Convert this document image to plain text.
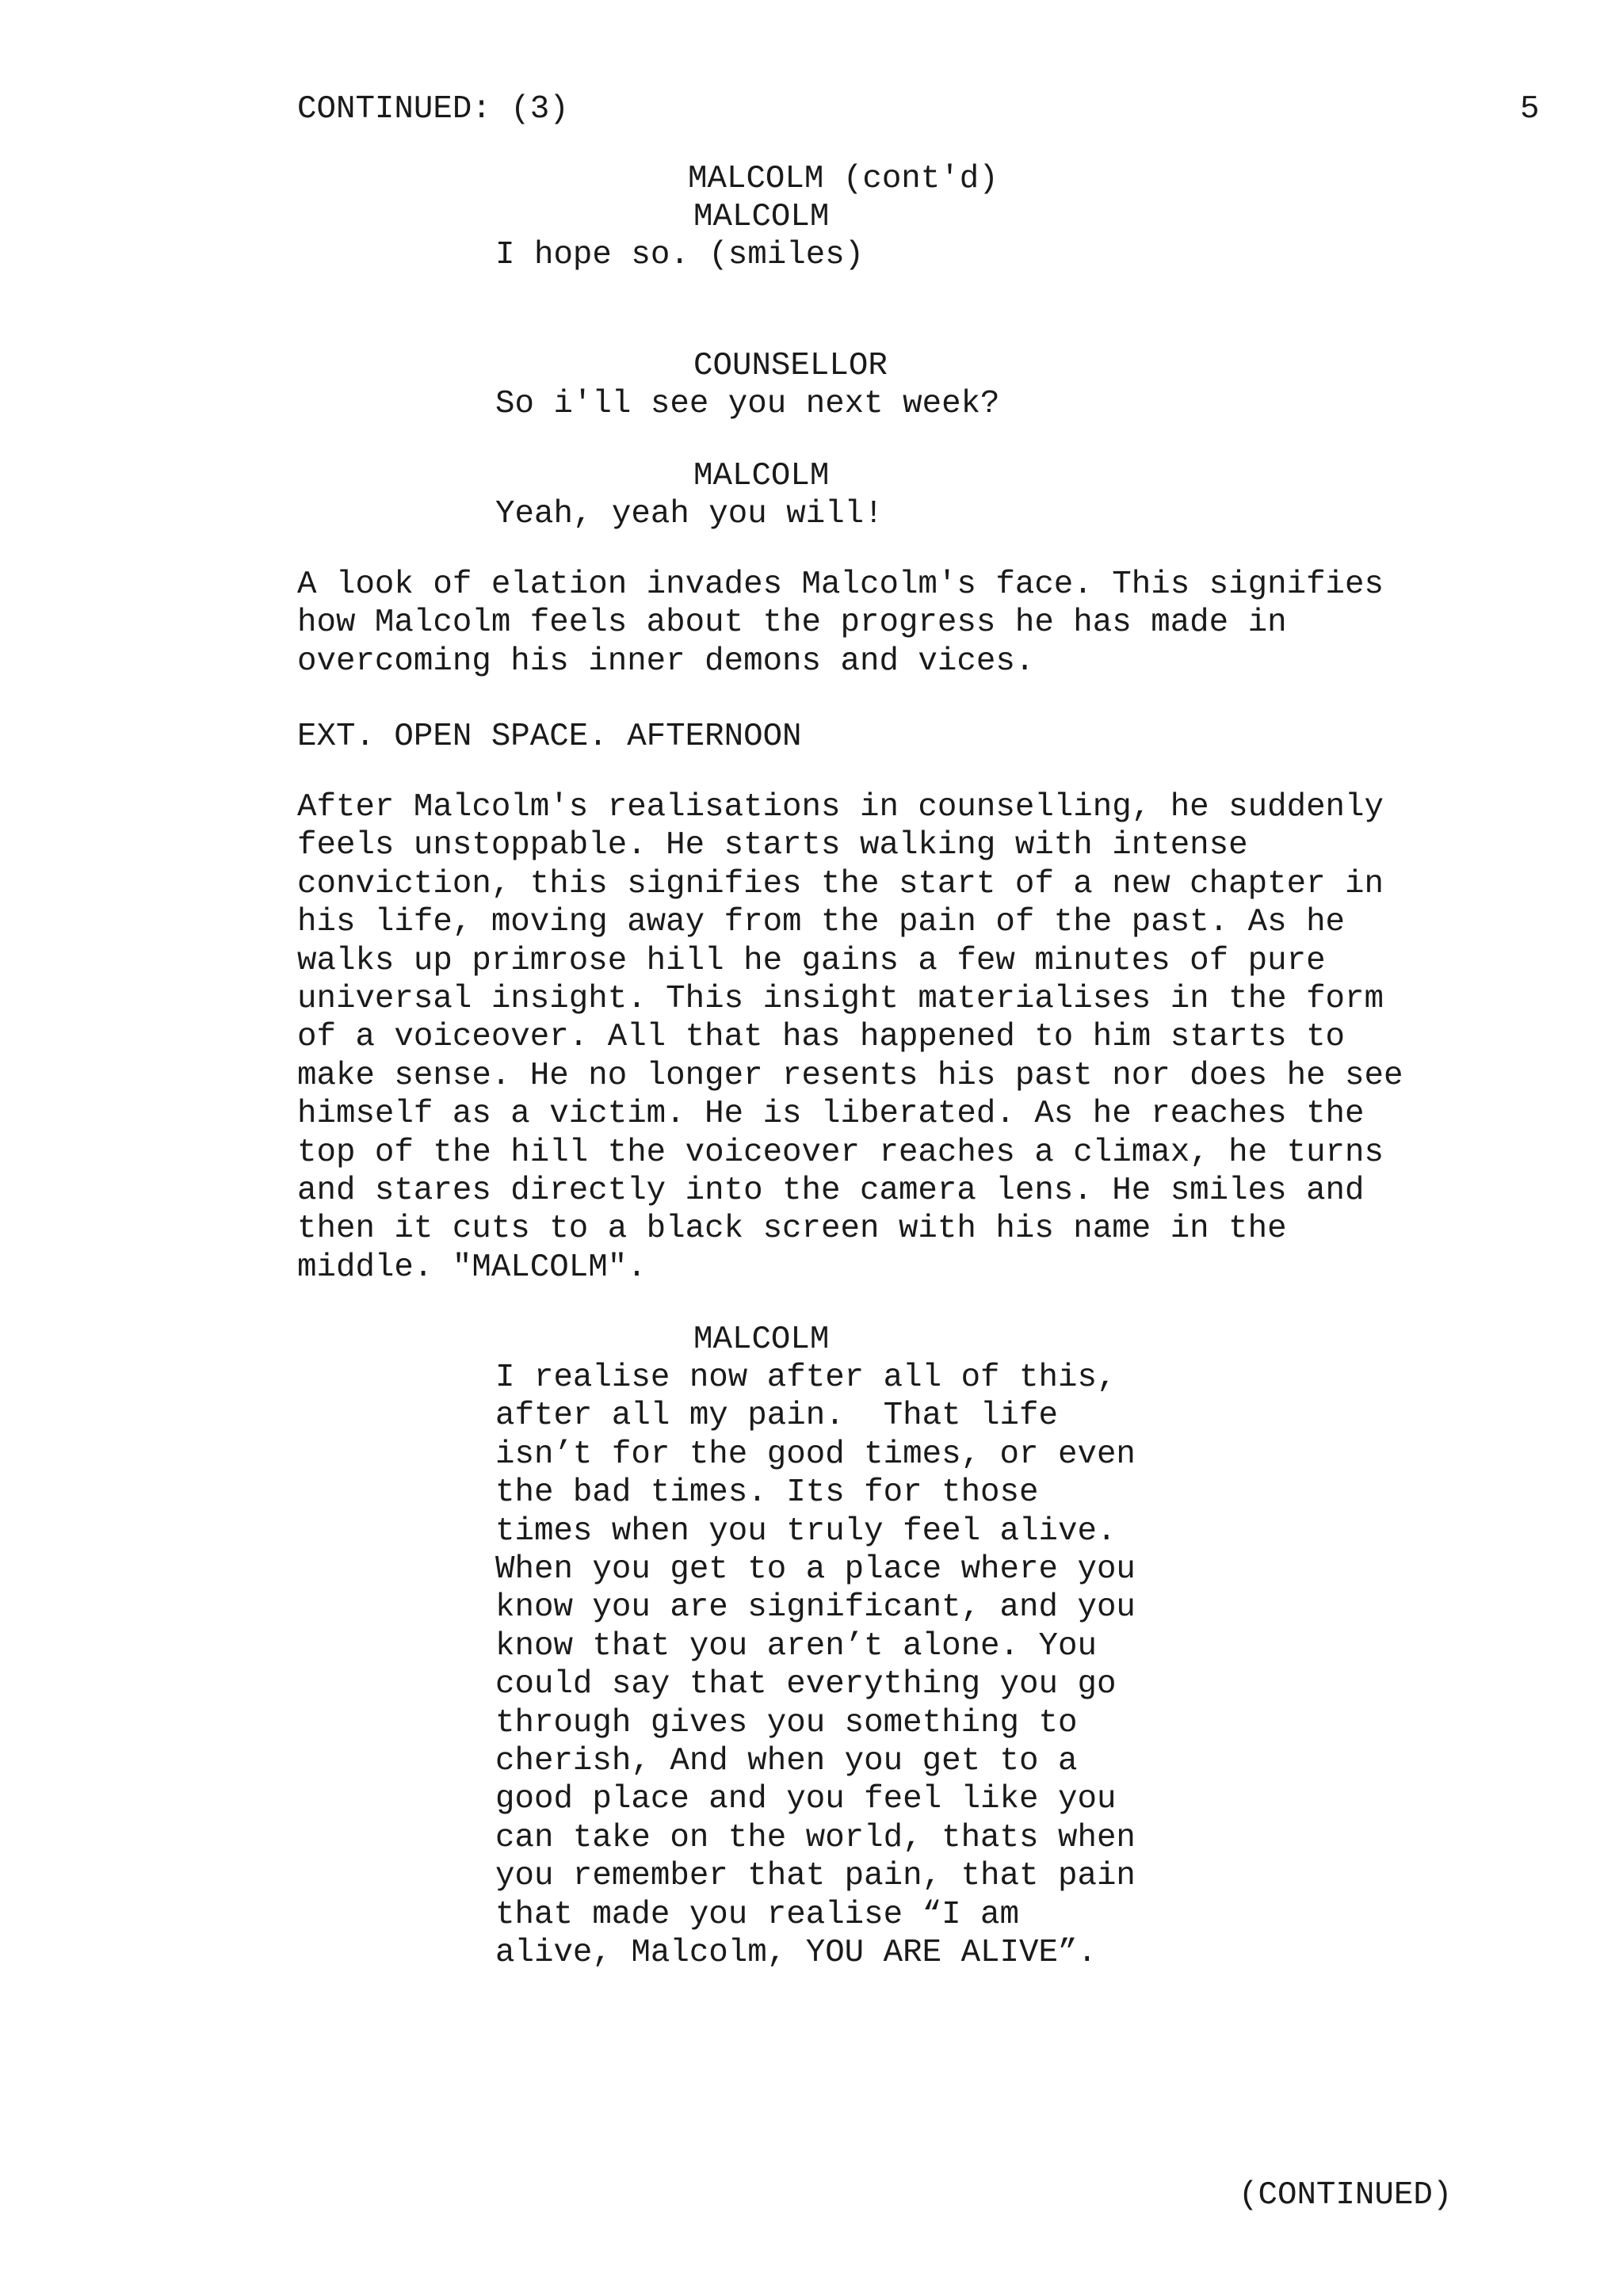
CONTINUED: (3)	5
MALCOLM (cont'd)
MALCOLM
I hope so. (smiles)
COUNSELLOR
So i'll see you next week?
MALCOLM
Yeah, yeah you will!
A look of elation invades Malcolm's face. This signifies
how Malcolm feels about the progress he has made in
overcoming his inner demons and vices.
EXT. OPEN SPACE. AFTERNOON
After Malcolm's realisations in counselling, he suddenly
feels unstoppable. He starts walking with intense
conviction, this signifies the start of a new chapter in
his life, moving away from the pain of the past. As he
walks up primrose hill he gains a few minutes of pure
universal insight. This insight materialises in the form
of a voiceover. All that has happened to him starts to
make sense. He no longer resents his past nor does he see
himself as a victim. He is liberated. As he reaches the
top of the hill the voiceover reaches a climax, he turns
and stares directly into the camera lens. He smiles and
then it cuts to a black screen with his name in the
middle. "MALCOLM".
MALCOLM
I realise now after all of this,
after all my pain.  That life
isn’t for the good times, or even
the bad times. Its for those
times when you truly feel alive.
When you get to a place where you
know you are significant, and you
know that you aren’t alone. You
could say that everything you go
through gives you something to
cherish, And when you get to a
good place and you feel like you
can take on the world, thats when
you remember that pain, that pain
that made you realise “I am
alive, Malcolm, YOU ARE ALIVE”.
(CONTINUED)
